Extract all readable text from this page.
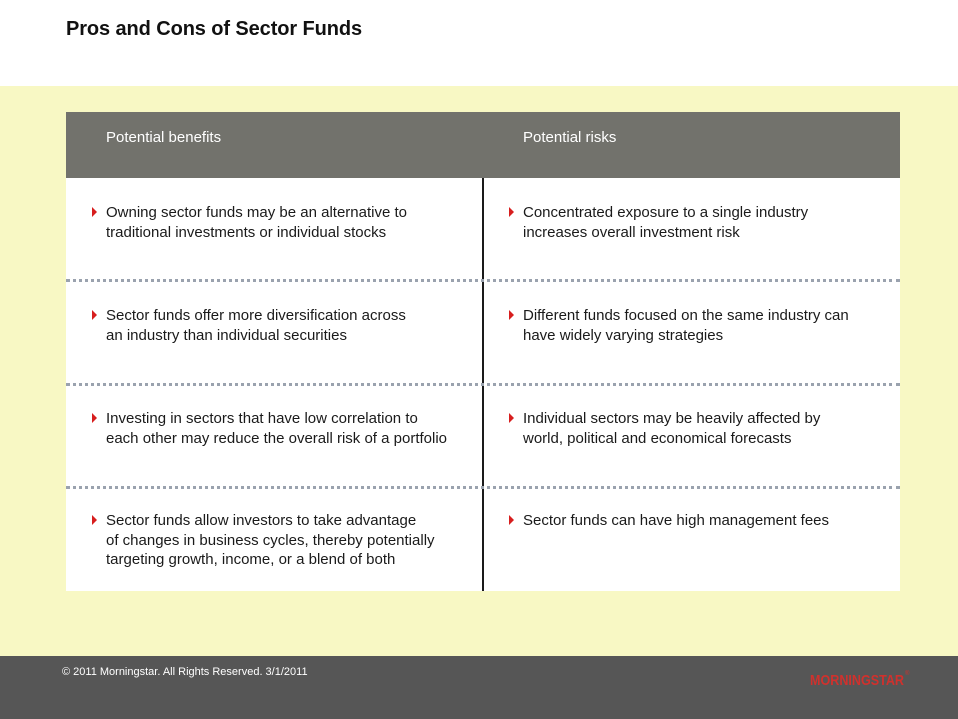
Pros and Cons of Sector Funds
Potential benefits	Potential risks

Owning sector funds may be an alternative to
traditional investments or individual stocks

Concentrated exposure to a single industry
increases overall investment risk

Sector funds offer more diversification across
an industry than individual securities

Different funds focused on the same industry can
have widely varying strategies

Investing in sectors that have low correlation to
each other may reduce the overall risk of a portfolio

Individual sectors may be heavily affected by
world, political and economical forecasts

Sector funds allow investors to take advantage
of changes in business cycles, thereby potentially
targeting growth, income, or a blend of both

Sector funds can have high management fees

© 2011 Morningstar. All Rights Reserved. 3/1/2011	MORNINGSTAR ®
